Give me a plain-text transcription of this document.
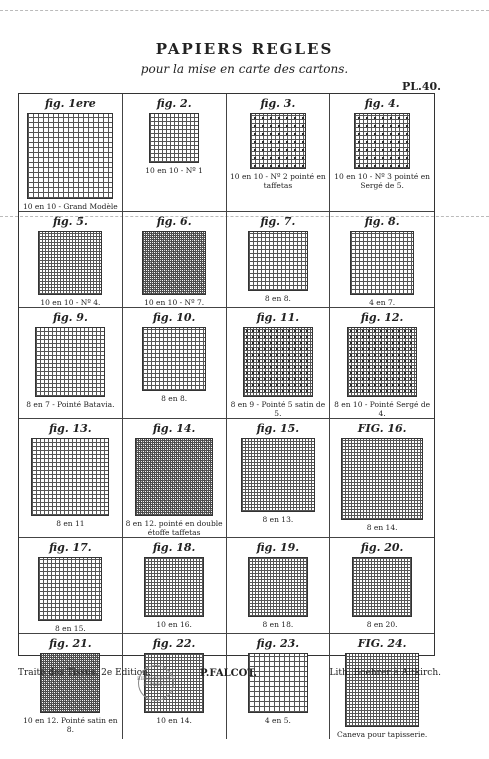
PAPIERS REGLES
pour la mise en carte des cartons.
PL.40.
fig. 1ere
10 en 10 - Grand Modèle
fig. 2.
10 en 10 - Nº 1
fig. 3.
10 en 10 - Nº 2 pointé en taffetas
fig. 4.
10 en 10 - Nº 3 pointé en Sergé de 5.
fig. 5.
10 en 10 - Nº 4.
fig. 6.
10 en 10 - Nº 7.
fig. 7.
8 en 8.
fig. 8.
4 en 7.
fig. 9.
8 en 7 - Pointé Batavia.
fig. 10.
8 en 8.
fig. 11.
8 en 9 - Pointé 5 satin de 5.
fig. 12.
8 en 10 - Pointé Sergé de 4.
fig. 13.
8 en 11
fig. 14.
8 en 12. pointé en double étoffe taffetas
fig. 15.
8 en 13.
FIG. 16.
8 en 14.
fig. 17.
8 en 15.
fig. 18.
10 en 16.
fig. 19.
8 en 18.
fig. 20.
8 en 20.
fig. 21.
10 en 12. Pointé satin en 8.
fig. 22.
10 en 14.
fig. 23.
4 en 5.
FIG. 24.
Caneva pour tapisserie.
Traité des Tissus. 2e Edition.
BIBLIOTHÈQUE IMPRIMÉS
P.FALCOT.	Lith. Boehrer à Altkirch.
